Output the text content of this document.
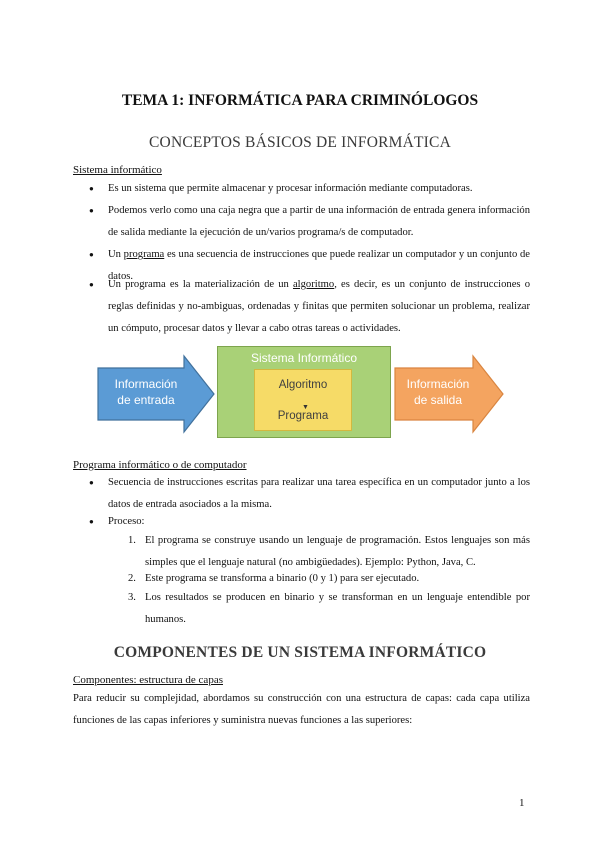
TEMA 1: INFORMÁTICA PARA CRIMINÓLOGOS
CONCEPTOS BÁSICOS DE INFORMÁTICA
Sistema informático
● Es un sistema que permite almacenar y procesar información mediante computadoras.
● Podemos verlo como una caja negra que a partir de una información de entrada genera información de salida mediante la ejecución de un/varios programa/s de computador.
● Un programa es una secuencia de instrucciones que puede realizar un computador y un conjunto de datos.
● Un programa es la materialización de un algoritmo, es decir, es un conjunto de instrucciones o reglas definidas y no-ambiguas, ordenadas y finitas que permiten solucionar un problema, realizar un cómputo, procesar datos y llevar a cabo otras tareas o actividades.
Información
de entrada
Sistema Informático
Algoritmo
▼
Programa
Información
de salida
Programa informático o de computador
● Secuencia de instrucciones escritas para realizar una tarea específica en un computador junto a los datos de entrada asociados a la misma.
● Proceso:
1. El programa se construye usando un lenguaje de programación. Estos lenguajes son más simples que el lenguaje natural (no ambigüedades). Ejemplo: Python, Java, C.
2. Este programa se transforma a binario (0 y 1) para ser ejecutado.
3. Los resultados se producen en binario y se transforman en un lenguaje entendible por humanos.
COMPONENTES DE UN SISTEMA INFORMÁTICO
Componentes: estructura de capas
Para reducir su complejidad, abordamos su construcción con una estructura de capas: cada capa utiliza funciones de las capas inferiores y suministra nuevas funciones a las superiores:
1
